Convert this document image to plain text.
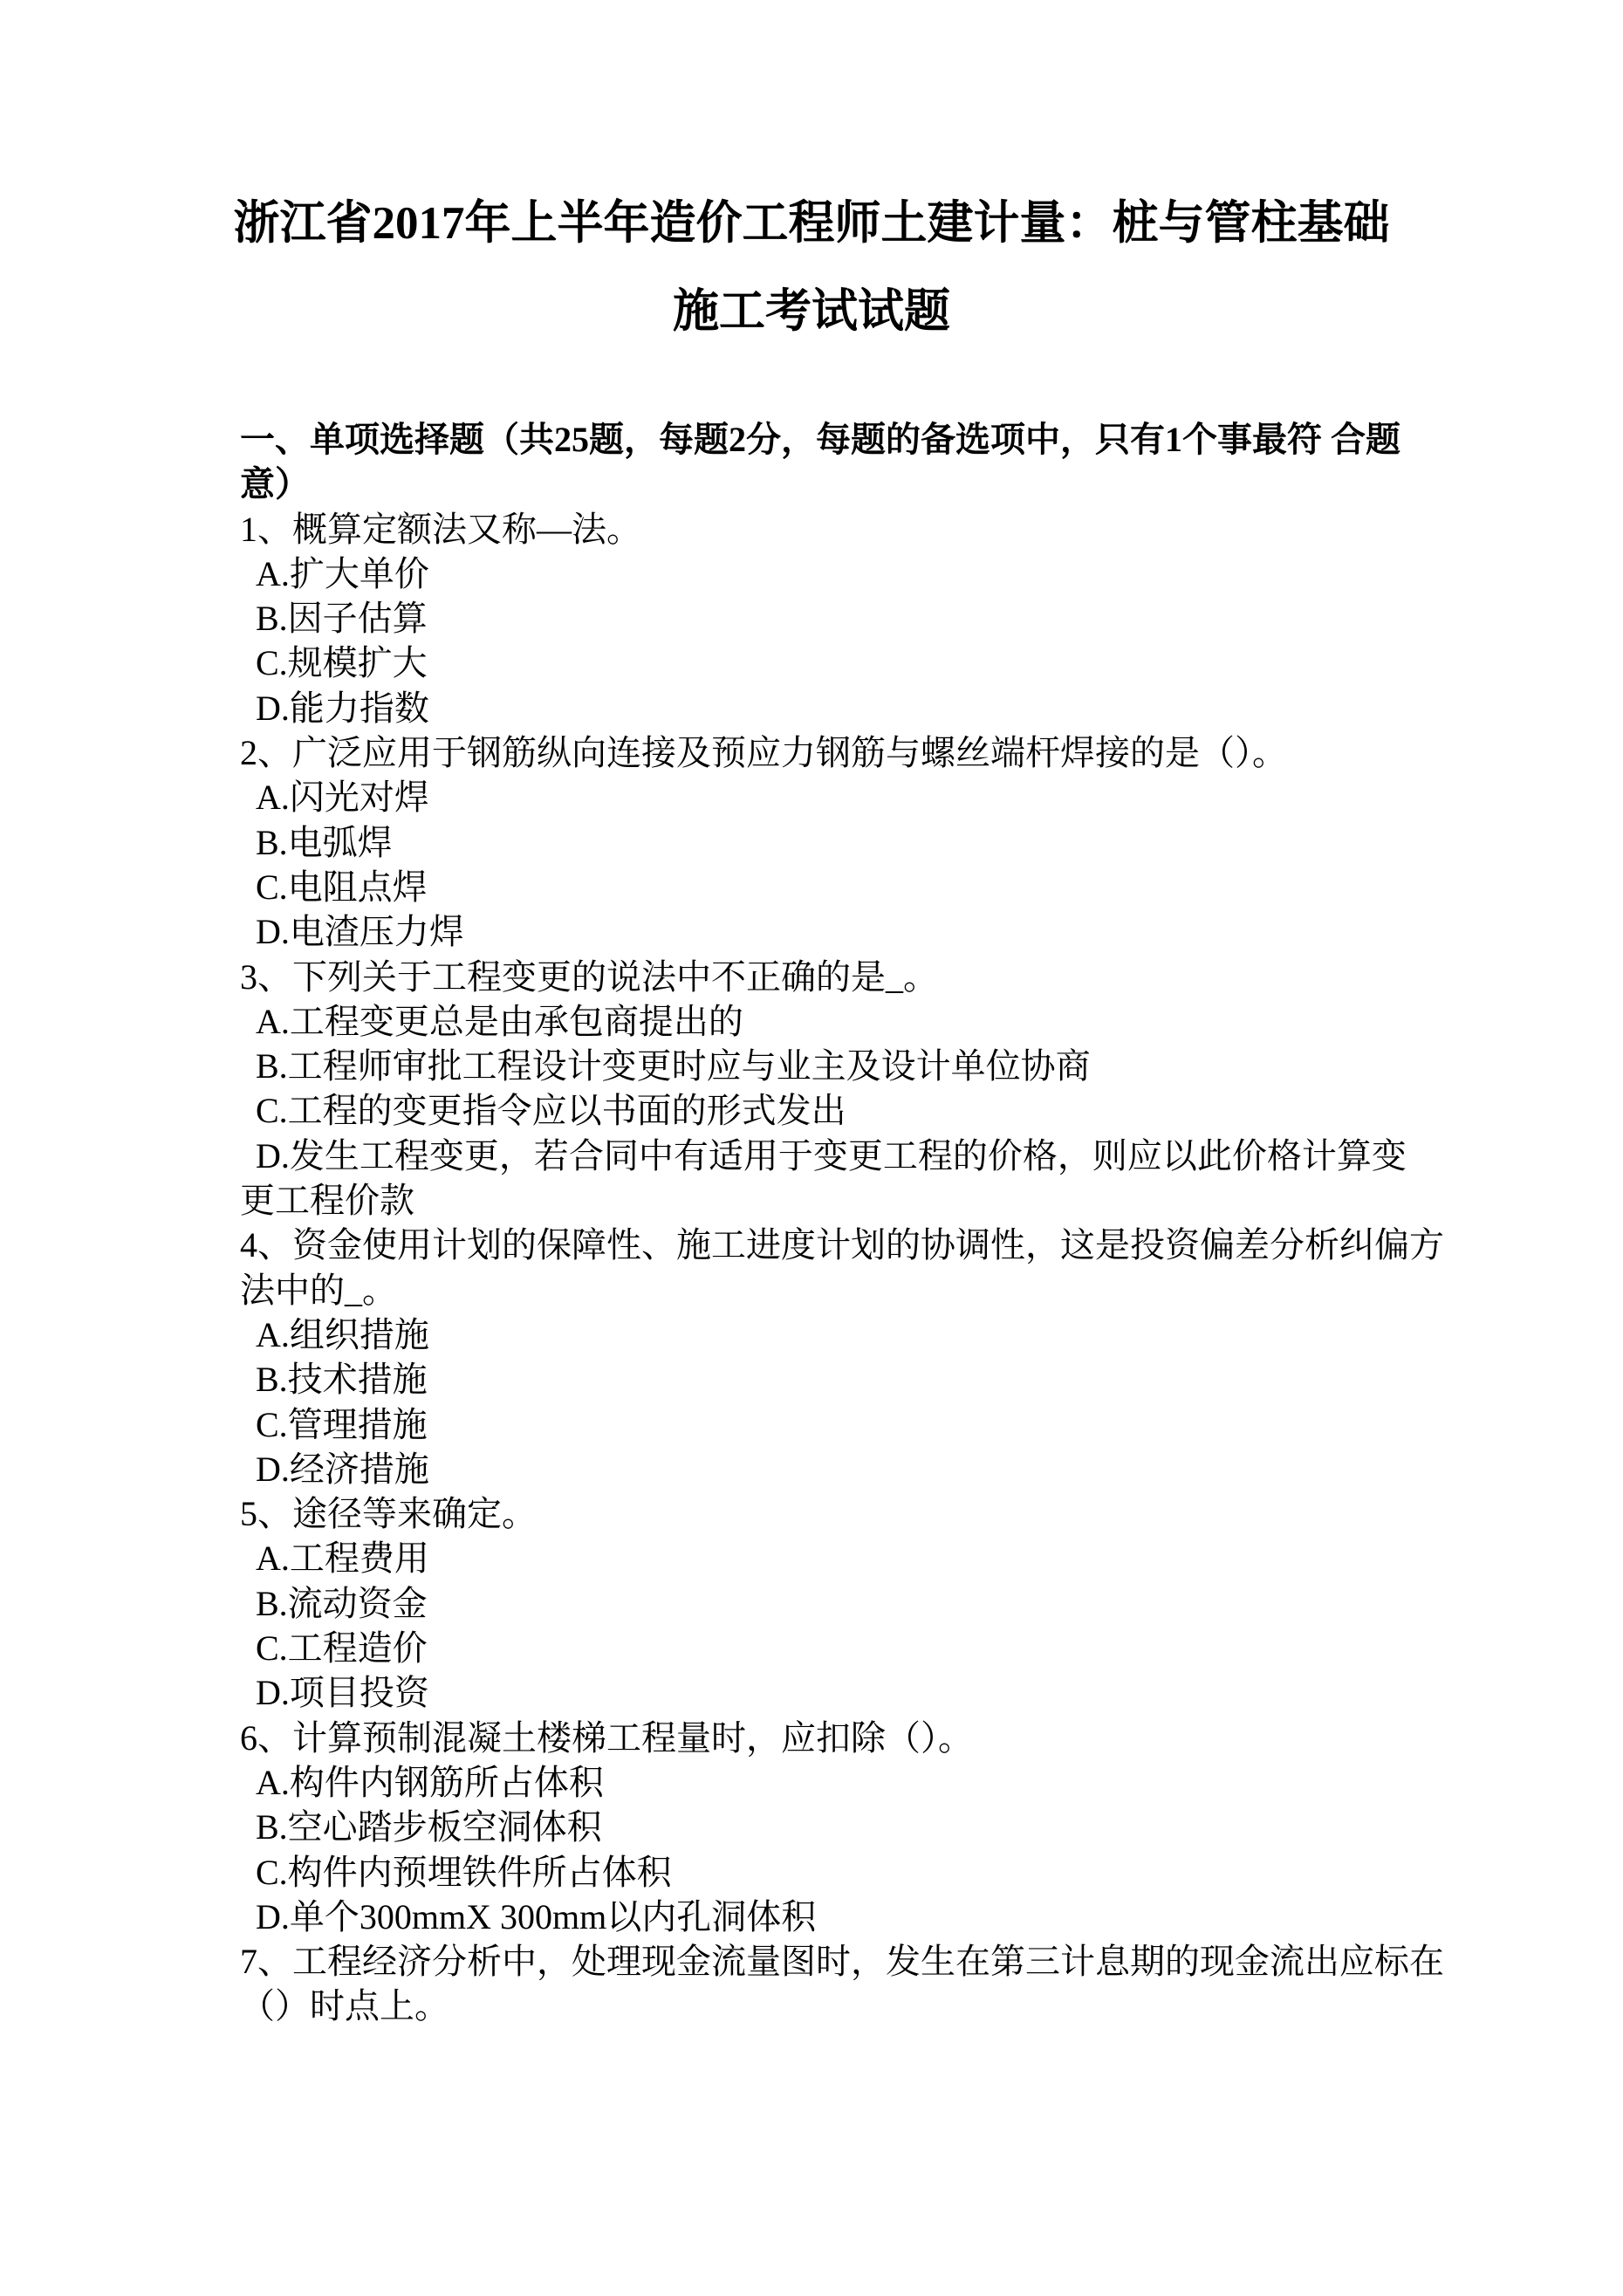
浙江省2017年上半年造价工程师土建计量：桩与管柱基础
施工考试试题
一、单项选择题（共25题，每题2分，每题的备选项中，只有1个事最符 合题
意）
1、概算定额法又称—法。
A.扩大单价
B.因子估算
C.规模扩大
D.能力指数
2、广泛应用于钢筋纵向连接及预应力钢筋与螺丝端杆焊接的是（）。
A.闪光对焊
B.电弧焊
C.电阻点焊
D.电渣压力焊
3、下列关于工程变更的说法中不正确的是_。
A.工程变更总是由承包商提出的
B.工程师审批工程设计变更时应与业主及设计单位协商
C.工程的变更指令应以书面的形式发出
D.发生工程变更，若合同中有适用于变更工程的价格，则应以此价格计算变
更工程价款
4、资金使用计划的保障性、施工进度计划的协调性，这是投资偏差分析纠偏方
法中的_。
A.组织措施
B.技术措施
C.管理措施
D.经济措施
5、途径等来确定。
A.工程费用
B.流动资金
C.工程造价
D.项目投资
6、计算预制混凝土楼梯工程量时，应扣除（）。
A.构件内钢筋所占体积
B.空心踏步板空洞体积
C.构件内预埋铁件所占体积
D.单个300mmX 300mm以内孔洞体积
7、工程经济分析中，处理现金流量图时，发生在第三计息期的现金流出应标在
（）时点上。
